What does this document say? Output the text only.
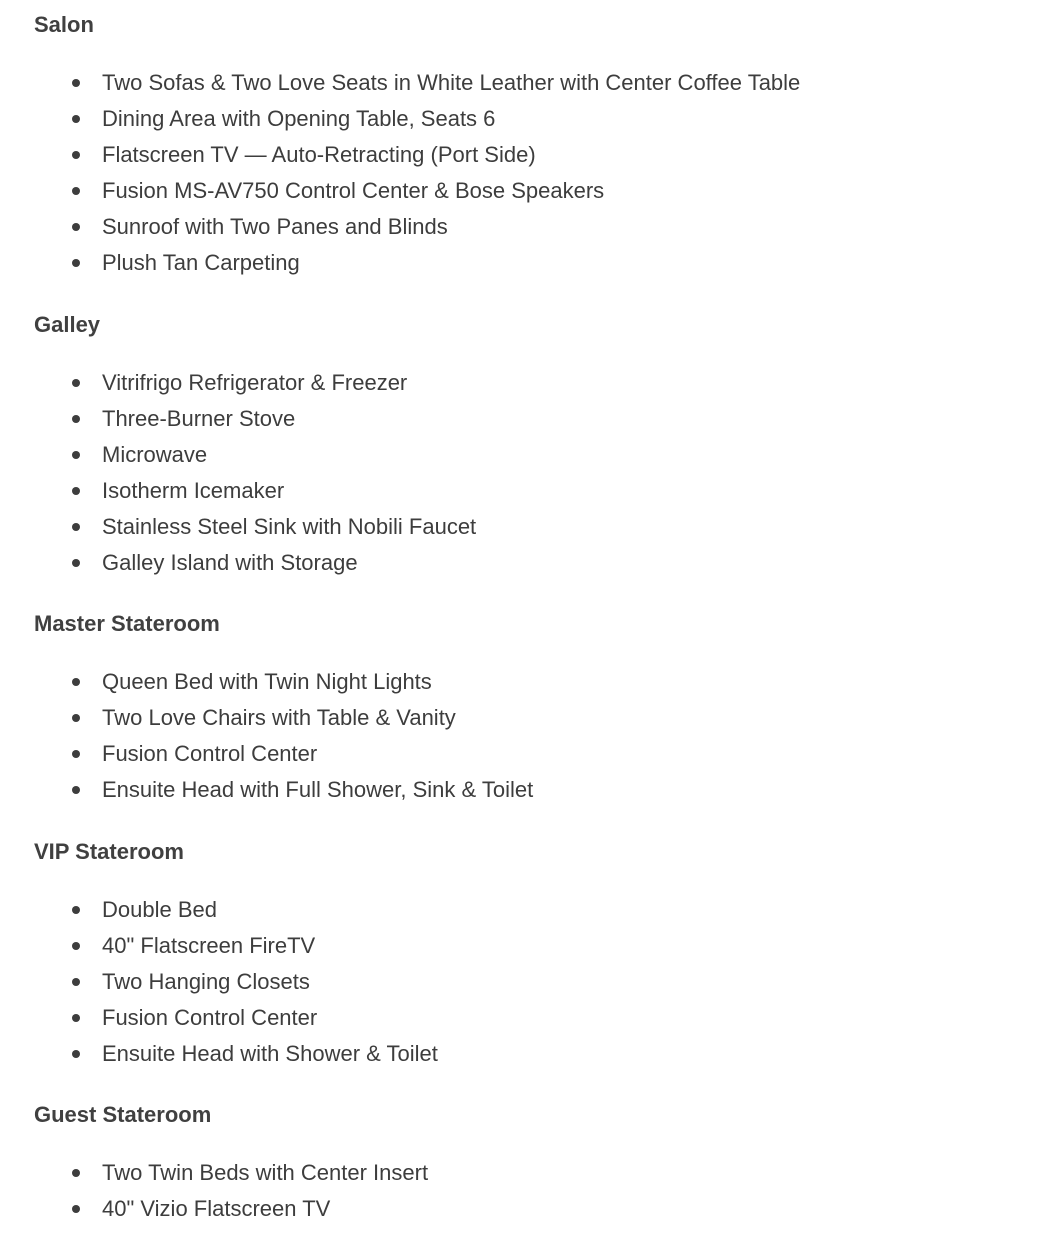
Salon
Two Sofas & Two Love Seats in White Leather with Center Coffee Table
Dining Area with Opening Table, Seats 6
Flatscreen TV — Auto-Retracting (Port Side)
Fusion MS-AV750 Control Center & Bose Speakers
Sunroof with Two Panes and Blinds
Plush Tan Carpeting
Galley
Vitrifrigo Refrigerator & Freezer
Three-Burner Stove
Microwave
Isotherm Icemaker
Stainless Steel Sink with Nobili Faucet
Galley Island with Storage
Master Stateroom
Queen Bed with Twin Night Lights
Two Love Chairs with Table & Vanity
Fusion Control Center
Ensuite Head with Full Shower, Sink & Toilet
VIP Stateroom
Double Bed
40" Flatscreen FireTV
Two Hanging Closets
Fusion Control Center
Ensuite Head with Shower & Toilet
Guest Stateroom
Two Twin Beds with Center Insert
40" Vizio Flatscreen TV
